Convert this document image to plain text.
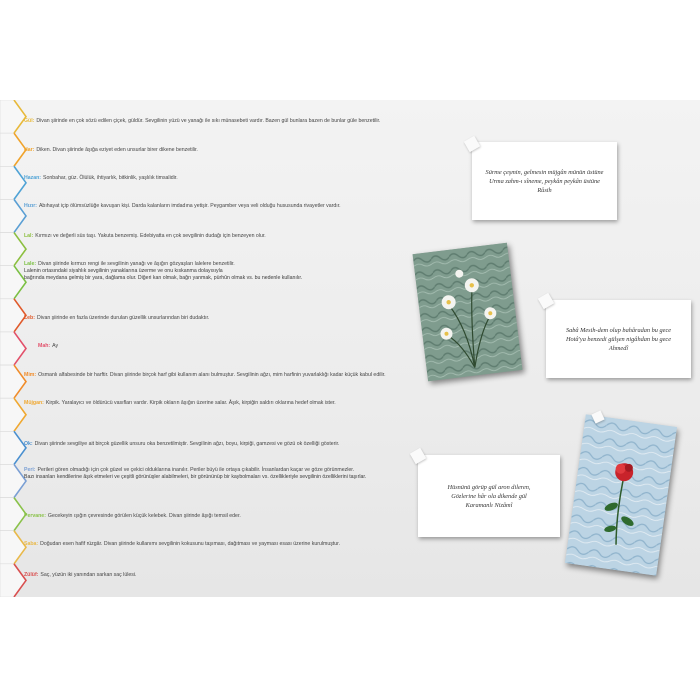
Gül: Divan şiirinde en çok sözü edilen çiçek, güldür. Sevgilinin yüzü ve yanağı ile sıkı münasebeti vardır. Bazen gül bunlara bazen de bunlar güle benzetilir.
Har: Diken. Divan şiirinde âşığa eziyet eden unsurlar birer dikene benzetilir.
Hazan: Sonbahar, güz. Ölülük, ihtiyarlık, bitkinlik, yaşlılık timsalidir.
Hızır: Abıhayat içip ölümsüzlüğe kavuşan kişi. Darda kalanların imdadına yetişir. Peygamber veya veli olduğu hususunda rivayetler vardır.
Lal: Kırmızı ve değerli süs taşı. Yakuta benzemiş. Edebiyatta en çok sevgilinin dudağı için benzeyen olur.
Lale: Divan şiirinde kırmızı rengi ile sevgilinin yanağı ve âşığın gözyaşları lalelere benzetilir.
Lalenin ortasındaki siyahlık sevgilinin yanaklarına üzerme ve onu kıskanma dolayısıyla
bağrında meydana gelmiş bir yara, dağlama olur. Diğeri kan olmak, bağrı yanmak, pürhûn olmak vs. bu nedenle kullanılır.
Leb: Divan şiirinde en fazla üzerinde durulan güzellik unsurlarından biri dudaktır.
Mah: Ay
Mim: Osmanlı alfabesinde bir harftir. Divan şiirinde birçok harf gibi kullanım alanı bulmuştur. Sevgilinin ağzı, mim harfinin yuvarlaklığı kadar küçük kabul edilir.
Müjgan: Kirpik. Yaralayıcı ve öldürücü vasıfları vardır. Kirpik okların âşığın üzerine salar. Âşık, kirpiğin saldırı oklarına hedef olmak ister.
Ok: Divan şiirinde sevgiliye ait birçok güzellik unsuru oka benzetilmiştir. Sevgilinin ağzı, boyu, kirpiği, gamzesi ve gözü ok özelliği gösterir.
Peri: Perileri gören olmadığı için çok güzel ve çekici olduklarına inanılır. Periler büyü ile ortaya çıkabilir. İnsanlardan kaçar ve göze görünmezler.
Bazı insanları kendilerine âşık etmeleri ve çeşitli görünüşler alabilmeleri, bir görününüp bir kaybolmaları vs. özellikleriyle sevgilinin özelliklerini taşırlar.
Pervane: Gecekeyin ışığın çevresinde görülen küçük kelebek. Divan şiirinde âşığı temsil eder.
Saba: Doğudan esen hafif rüzgâr. Divan şiirinde kullanımı sevgilinin kokusunu taşıması, dağıtması ve yayması esası üzerine kurulmuştur.
Zülüf: Saç, yüzün iki yanından sarkan saç lülesi.
Sürme çeşmin, gelmesin müjgân münün üstüne
Urma zahm-ı sîneme, peykân peykân üstüne
Rûsih
Sabâ Mesih-dem olup bahâradan bu gece
Hotâ'ya benzedi gülşen nigâhdan bu gece
Ahmedî
Hüsnünü görüp gül aron dileren,
Gözlerine hâr ola dikende gül
Karamanlı Nizâmî
